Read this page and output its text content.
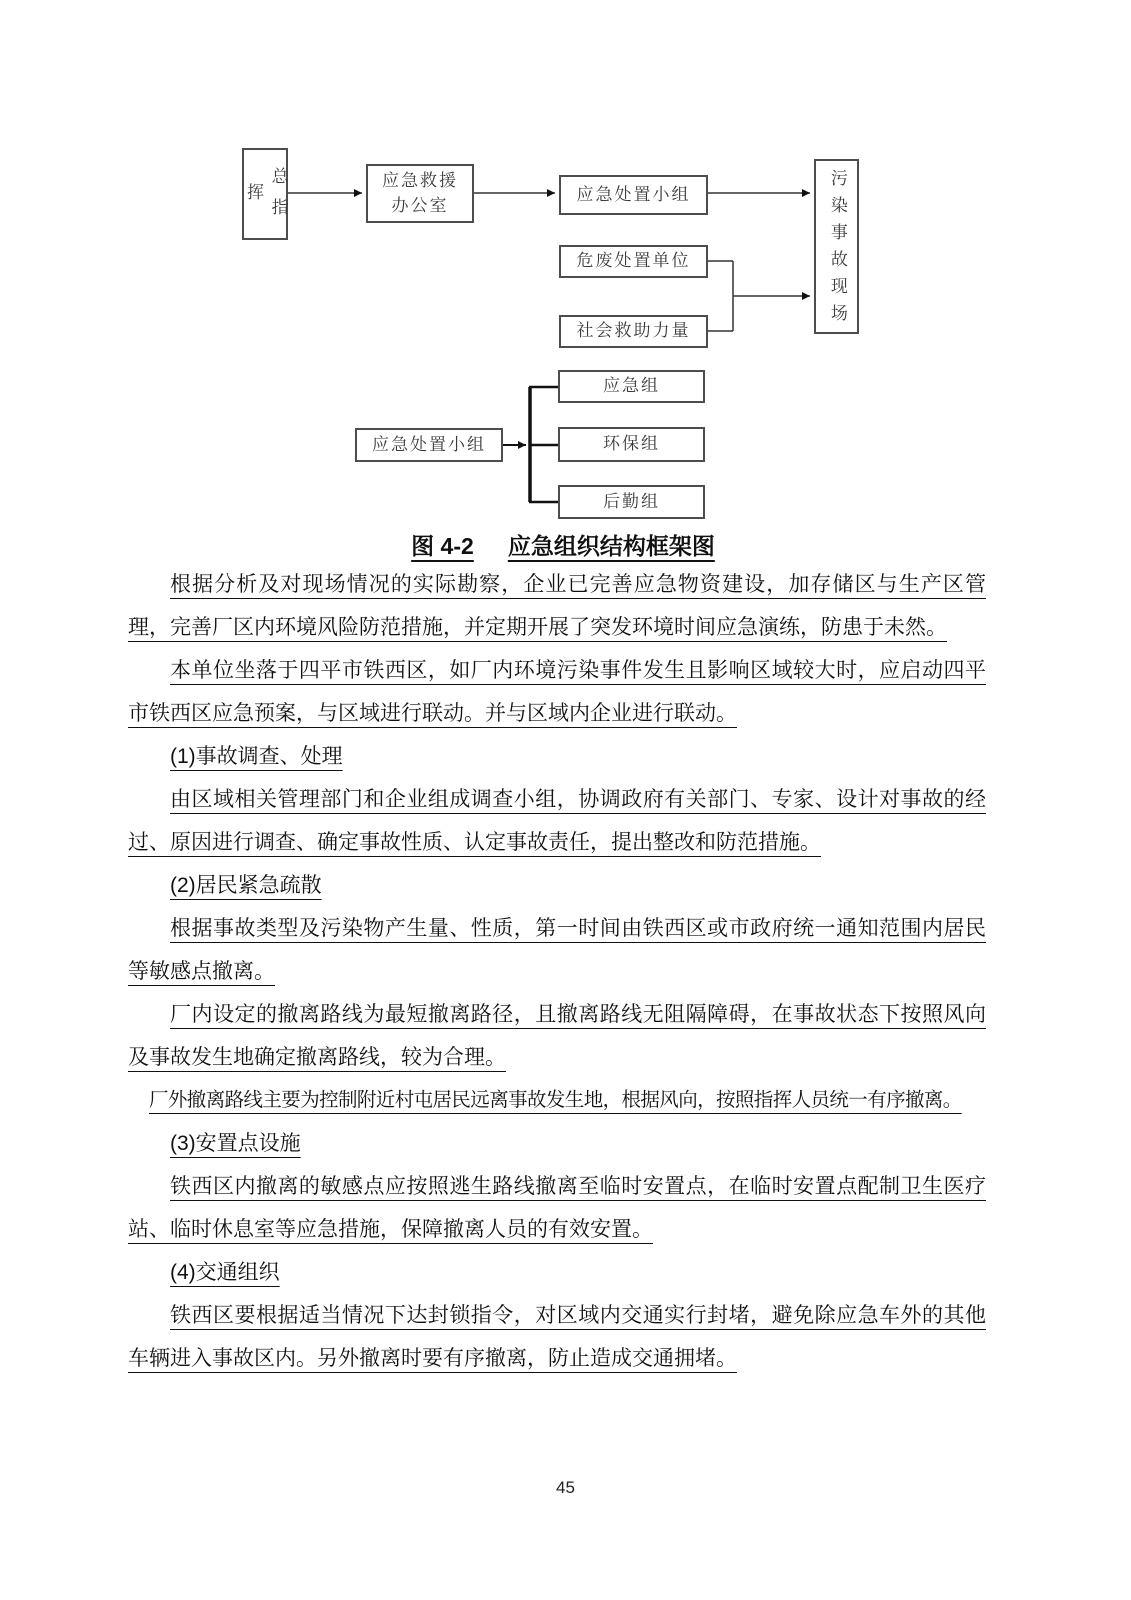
总指挥
应急救援
办公室
应急处置小组
危废处置单位
社会救助力量
污染事故现场
应急处置小组
应急组
环保组
后勤组
图 4-2 应急组织结构框架图

根据分析及对现场情况的实际勘察，企业已完善应急物资建设，加存储区与生产区管理，完善厂区内环境风险防范措施，并定期开展了突发环境时间应急演练，防患于未然。

本单位坐落于四平市铁西区，如厂内环境污染事件发生且影响区域较大时，应启动四平市铁西区应急预案，与区域进行联动。并与区域内企业进行联动。

(1)事故调查、处理

由区域相关管理部门和企业组成调查小组，协调政府有关部门、专家、设计对事故的经过、原因进行调查、确定事故性质、认定事故责任，提出整改和防范措施。

(2)居民紧急疏散

根据事故类型及污染物产生量、性质，第一时间由铁西区或市政府统一通知范围内居民等敏感点撤离。

厂内设定的撤离路线为最短撤离路径，且撤离路线无阻隔障碍，在事故状态下按照风向及事故发生地确定撤离路线，较为合理。

厂外撤离路线主要为控制附近村屯居民远离事故发生地，根据风向，按照指挥人员统一有序撤离。

(3)安置点设施

铁西区内撤离的敏感点应按照逃生路线撤离至临时安置点，在临时安置点配制卫生医疗站、临时休息室等应急措施，保障撤离人员的有效安置。

(4)交通组织

铁西区要根据适当情况下达封锁指令，对区域内交通实行封堵，避免除应急车外的其他车辆进入事故区内。另外撤离时要有序撤离，防止造成交通拥堵。

45
